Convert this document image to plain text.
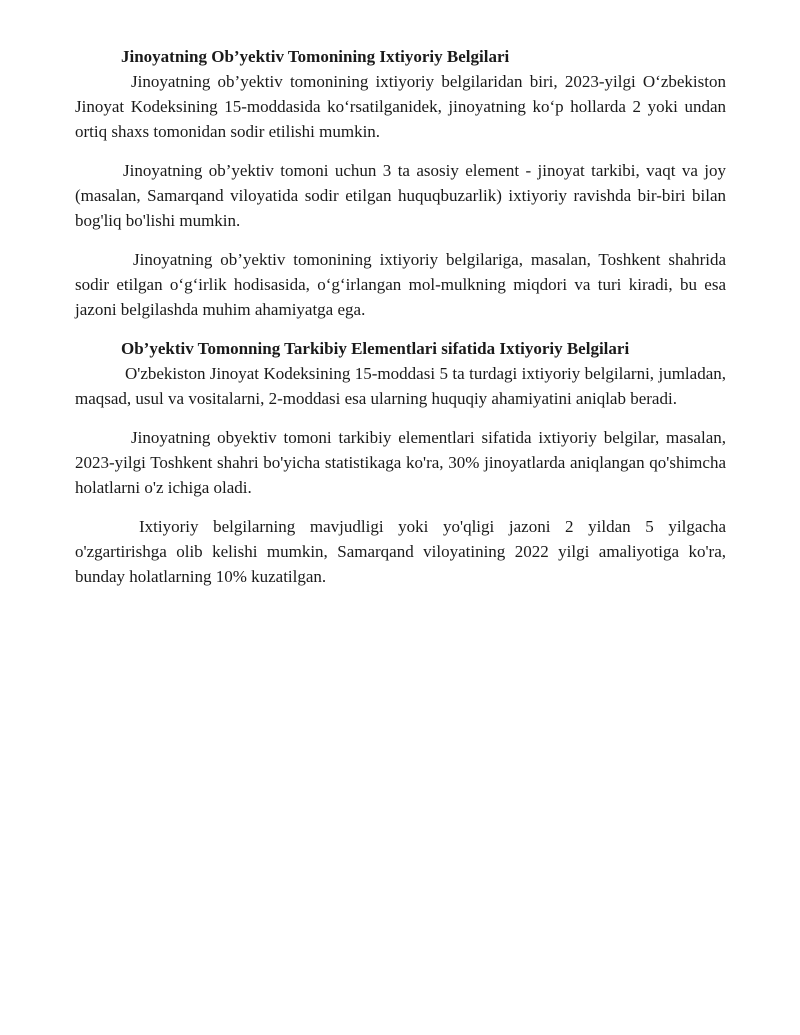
Jinoyatning Ob’yektiv Tomonining Ixtiyoriy Belgilari

Jinoyatning ob’yektiv tomonining ixtiyoriy belgilaridan biri, 2023-yilgi O‘zbekiston Jinoyat Kodeksining 15-moddasida ko‘rsatilganidek, jinoyatning ko‘p hollarda 2 yoki undan ortiq shaxs tomonidan sodir etilishi mumkin.

Jinoyatning ob’yektiv tomoni uchun 3 ta asosiy element - jinoyat tarkibi, vaqt va joy (masalan, Samarqand viloyatida sodir etilgan huquqbuzarlik) ixtiyoriy ravishda bir-biri bilan bog'liq bo'lishi mumkin.

Jinoyatning ob’yektiv tomonining ixtiyoriy belgilariga, masalan, Toshkent shahrida sodir etilgan o‘g‘irlik hodisasida, o‘g‘irlangan mol-mulkning miqdori va turi kiradi, bu esa jazoni belgilashda muhim ahamiyatga ega.

Ob’yektiv Tomonning Tarkibiy Elementlari sifatida Ixtiyoriy Belgilari

O'zbekiston Jinoyat Kodeksining 15-moddasi 5 ta turdagi ixtiyoriy belgilarni, jumladan, maqsad, usul va vositalarni, 2-moddasi esa ularning huquqiy ahamiyatini aniqlab beradi.

Jinoyatning obyektiv tomoni tarkibiy elementlari sifatida ixtiyoriy belgilar, masalan, 2023-yilgi Toshkent shahri bo'yicha statistikaga ko'ra, 30% jinoyatlarda aniqlangan qo'shimcha holatlarni o'z ichiga oladi.

Ixtiyoriy belgilarning mavjudligi yoki yo'qligi jazoni 2 yildan 5 yilgacha o'zgartirishga olib kelishi mumkin, Samarqand viloyatining 2022 yilgi amaliyotiga ko'ra, bunday holatlarning 10% kuzatilgan.
